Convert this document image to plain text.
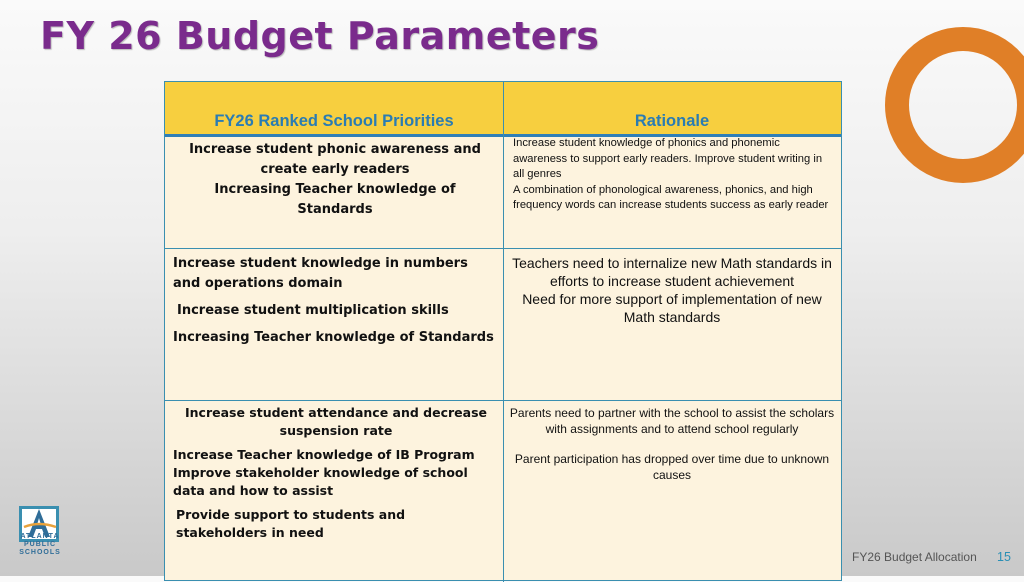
FY 26 Budget Parameters
FY26 Ranked School Priorities	Rationale

Increase student phonic awareness and create early readers

Increasing Teacher knowledge of Standards

Increase student knowledge of phonics and phonemic awareness to support early readers. Improve student writing in all genres

A combination of phonological awareness, phonics, and high frequency words can increase students success as early reader

Increase student knowledge in numbers and operations domain

Increase student multiplication skills

Increasing Teacher knowledge of Standards

Teachers need to internalize new Math standards in efforts to increase student achievement

Need for more support of implementation of new Math standards

Increase student attendance and decrease suspension rate

Increase Teacher knowledge of IB Program

Improve stakeholder knowledge of school data and how to assist

Provide support to students and stakeholders in need

Parents need to partner with the school to assist the scholars with assignments and to attend school regularly

Parent participation has dropped over time due to unknown causes

ATLANTA
PUBLIC
SCHOOLS	FY26 Budget Allocation 15
